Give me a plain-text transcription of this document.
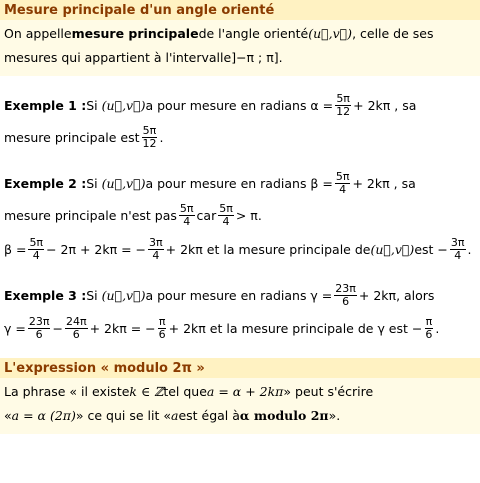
Mesure principale d'un angle orienté
On appelle mesure principale de l'angle orienté (u⃗,v⃗) , celle de ses
mesures qui appartient à l'intervalle ]−π ; π].
Exemple 1 : Si (u⃗,v⃗) a pour mesure en radians $\alpha = \frac{5\pi}{12} + 2k\pi$ , sa
mesure principale est $\frac{5\pi}{12}$ .
Exemple 2 : Si (u⃗,v⃗) a pour mesure en radians $\beta = \frac{5\pi}{4} + 2k\pi$ , sa
mesure principale n'est pas $\frac{5\pi}{4}$ car $\frac{5\pi}{4} > \pi$.
$\beta = \frac{5\pi}{4} - 2\pi + 2k\pi$ = − $\frac{3\pi}{4} + 2k\pi$ et la mesure principale de (u⃗,v⃗) est − $\frac{3\pi}{4}$ .
Exemple 3 : Si (u⃗,v⃗) a pour mesure en radians $\gamma = \frac{23\pi}{6} + 2k\pi$, alors
$\gamma = \frac{23\pi}{6} - \frac{24\pi}{6} + 2k\pi$ = − $\frac{\pi}{6} + 2k\pi$ et la mesure principale de γ est − $\frac{\pi}{6}$ .
L'expression « modulo 2π »
La phrase « il existe k ∈ ℤ tel que a = α + 2kπ » peut s'écrire
« a = α (2π) » ce qui se lit « a est égal à α modulo 2π ».
